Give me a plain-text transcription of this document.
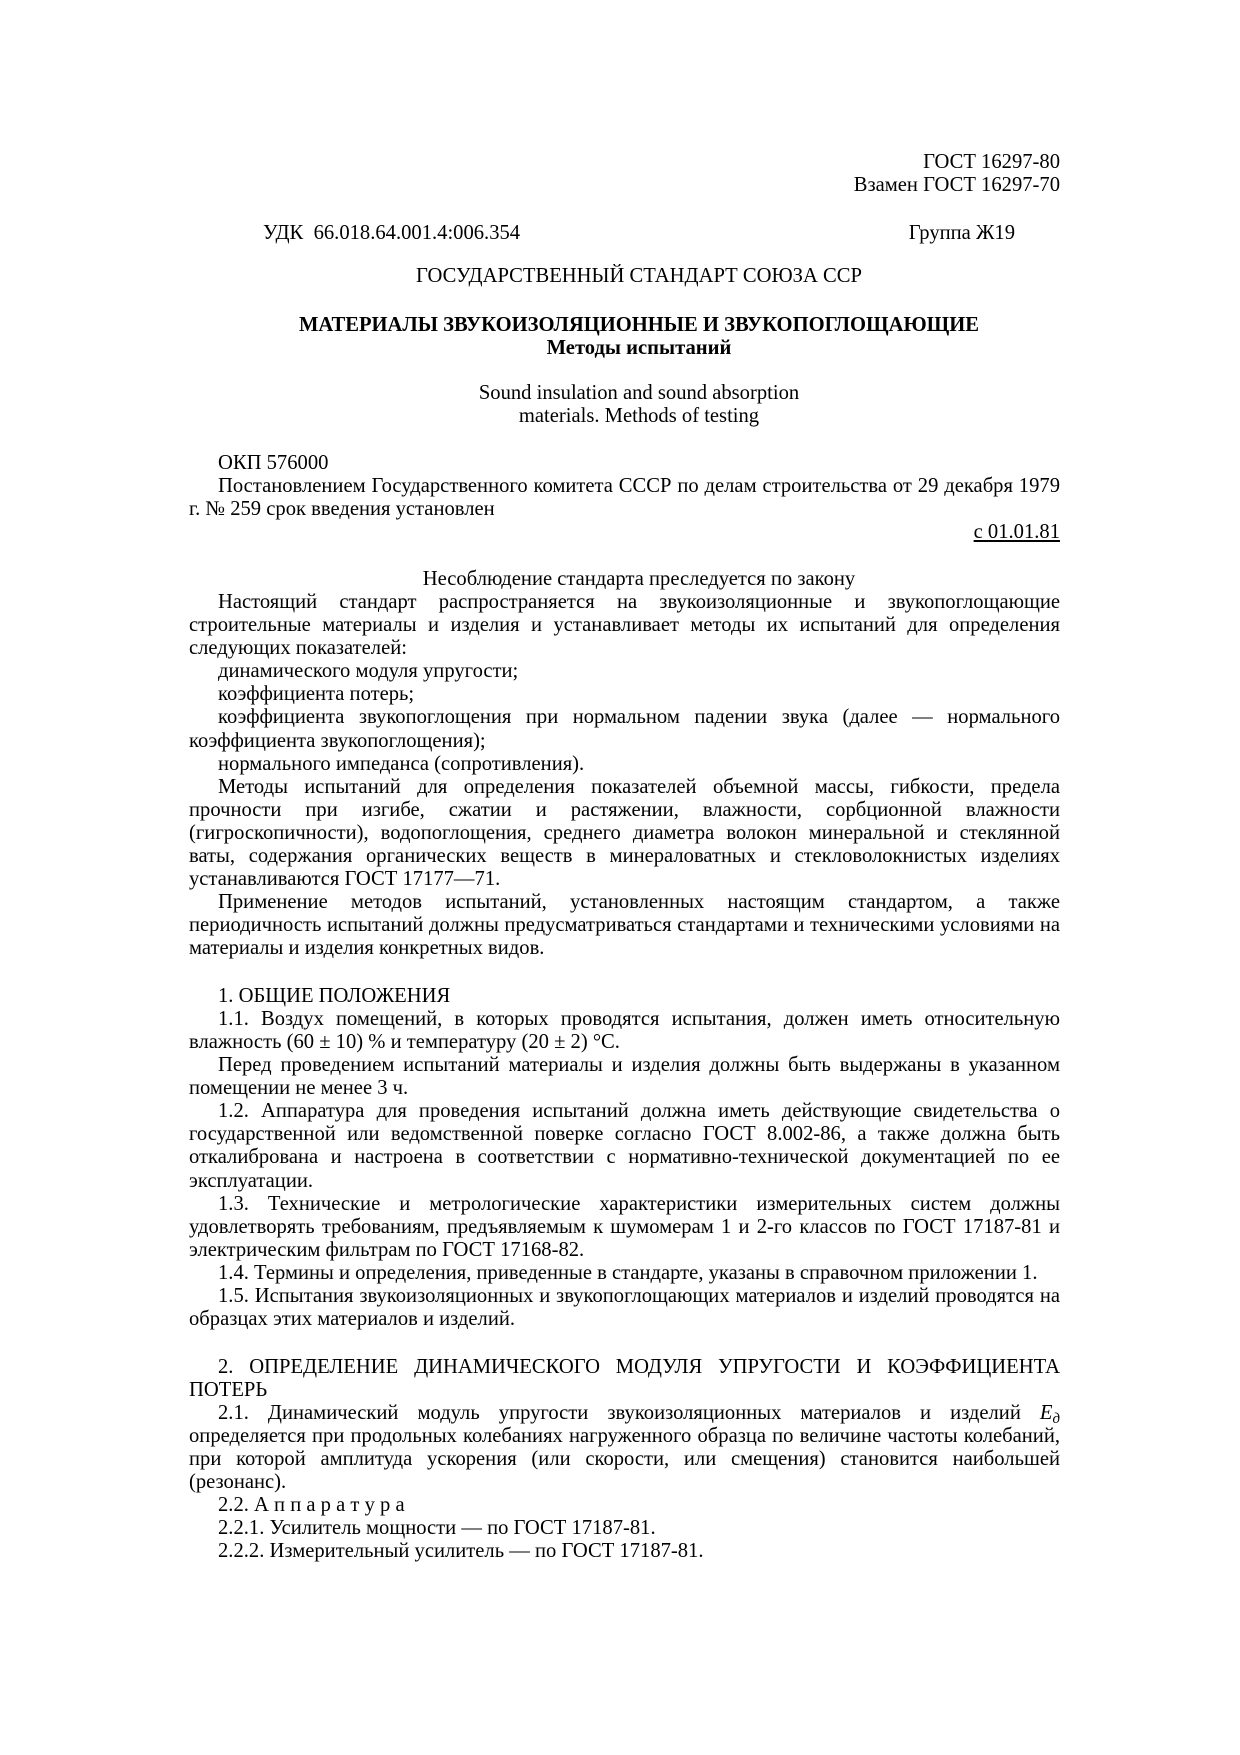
ГОСТ 16297-80

Взамен ГОСТ 16297-70

УДК  66.018.64.001.4:006.354	Группа Ж19

ГОСУДАРСТВЕННЫЙ СТАНДАРТ СОЮЗА ССР

МАТЕРИАЛЫ ЗВУКОИЗОЛЯЦИОННЫЕ И ЗВУКОПОГЛОЩАЮЩИЕ

Методы испытаний

Sound insulation and sound absorption

materials. Methods of testing

ОКП 576000

Постановлением Государственного комитета СССР по делам строительства от 29 декабря 1979 г. № 259 срок введения установлен

с 01.01.81

Несоблюдение стандарта преследуется по закону

Настоящий стандарт распространяется на звукоизоляционные и звукопоглощающие строительные материалы и изделия и устанавливает методы их испытаний для определения следующих показателей:

динамического модуля упругости;

коэффициента потерь;

коэффициента звукопоглощения при нормальном падении звука (далее — нормального коэффициента звукопоглощения);

нормального импеданса (сопротивления).

Методы испытаний для определения показателей объемной массы, гибкости, предела прочности при изгибе, сжатии и растяжении, влажности, сорбционной влажности (гигроскопичности), водопоглощения, среднего диаметра волокон минеральной и стеклянной ваты, содержания органических веществ в минераловатных и стекловолокнистых изделиях устанавливаются ГОСТ 17177—71.

Применение методов испытаний, установленных настоящим стандартом, а также периодичность испытаний должны предусматриваться стандартами и техническими условиями на материалы и изделия конкретных видов.

1. ОБЩИЕ ПОЛОЖЕНИЯ

1.1. Воздух помещений, в которых проводятся испытания, должен иметь относительную влажность (60 ± 10) % и температуру (20 ± 2) °С.

Перед проведением испытаний материалы и изделия должны быть выдержаны в указанном помещении не менее 3 ч.

1.2. Аппаратура для проведения испытаний должна иметь действующие свидетельства о государственной или ведомственной поверке согласно ГОСТ 8.002-86, а также должна быть откалибрована и настроена в соответствии с нормативно-технической документацией по ее эксплуатации.

1.3. Технические и метрологические характеристики измерительных систем должны удовлетворять требованиям, предъявляемым к шумомерам 1 и 2-го классов по ГОСТ 17187-81 и электрическим фильтрам по ГОСТ 17168-82.

1.4. Термины и определения, приведенные в стандарте, указаны в справочном приложении 1.

1.5. Испытания звукоизоляционных и звукопоглощающих материалов и изделий проводятся на образцах этих материалов и изделий.

2. ОПРЕДЕЛЕНИЕ ДИНАМИЧЕСКОГО МОДУЛЯ УПРУГОСТИ И КОЭФФИЦИЕНТА ПОТЕРЬ

2.1. Динамический модуль упругости звукоизоляционных материалов и изделий $E_д$ определяется при продольных колебаниях нагруженного образца по величине частоты колебаний, при которой амплитуда ускорения (или скорости, или смещения) становится наибольшей (резонанс).

2.2. А п п а р а т у р а

2.2.1. Усилитель мощности — по ГОСТ 17187-81.

2.2.2. Измерительный усилитель — по ГОСТ 17187-81.
